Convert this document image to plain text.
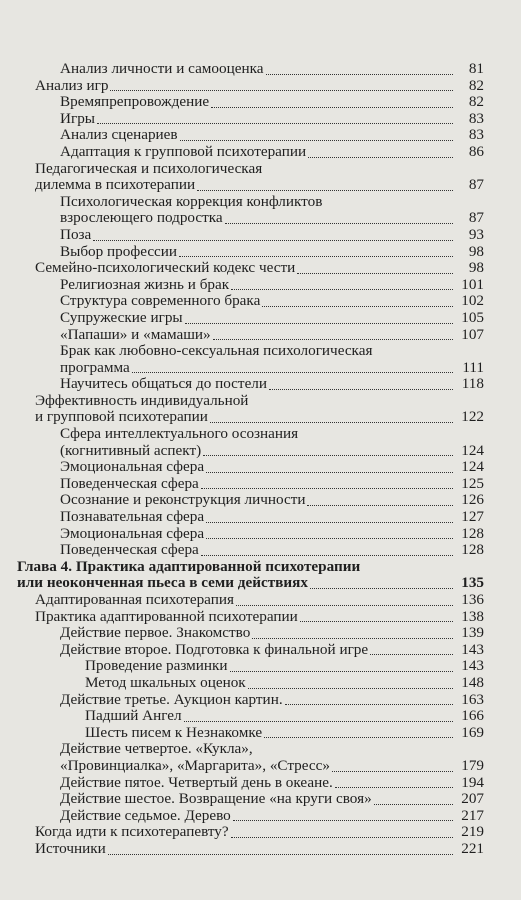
Анализ личности и самооценка	81
Анализ игр	82
Времяпрепровождение	82
Игры	83
Анализ сценариев	83
Адаптация к групповой психотерапии	86
Педагогическая и психологическая
дилемма в психотерапии	87
Психологическая коррекция конфликтов
взрослеющего подростка	87
Поза	93
Выбор профессии	98
Семейно-психологический кодекс чести	98
Религиозная жизнь и брак	101
Структура современного брака	102
Супружеские игры	105
«Папаши» и «мамаши»	107
Брак как любовно-сексуальная психологическая
программа	111
Научитесь общаться до постели	118
Эффективность индивидуальной
и групповой психотерапии	122
Сфера интеллектуального осознания
(когнитивный аспект)	124
Эмоциональная сфера	124
Поведенческая сфера	125
Осознание и реконструкция личности	126
Познавательная сфера	127
Эмоциональная сфера	128
Поведенческая сфера	128
Глава 4. Практика адаптированной психотерапии
или неоконченная пьеса в семи действиях	135
Адаптированная психотерапия	136
Практика адаптированной психотерапии	138
Действие первое. Знакомство	139
Действие второе. Подготовка к финальной игре	143
Проведение разминки	143
Метод шкальных оценок	148
Действие третье. Аукцион картин.	163
Падший Ангел	166
Шесть писем к Незнакомке	169
Действие четвертое. «Кукла»,
«Провинциалка», «Маргарита», «Стресс»	179
Действие пятое. Четвертый день в океане.	194
Действие шестое. Возвращение «на круги своя»	207
Действие седьмое. Дерево	217
Когда идти к психотерапевту?	219
Источники	221
